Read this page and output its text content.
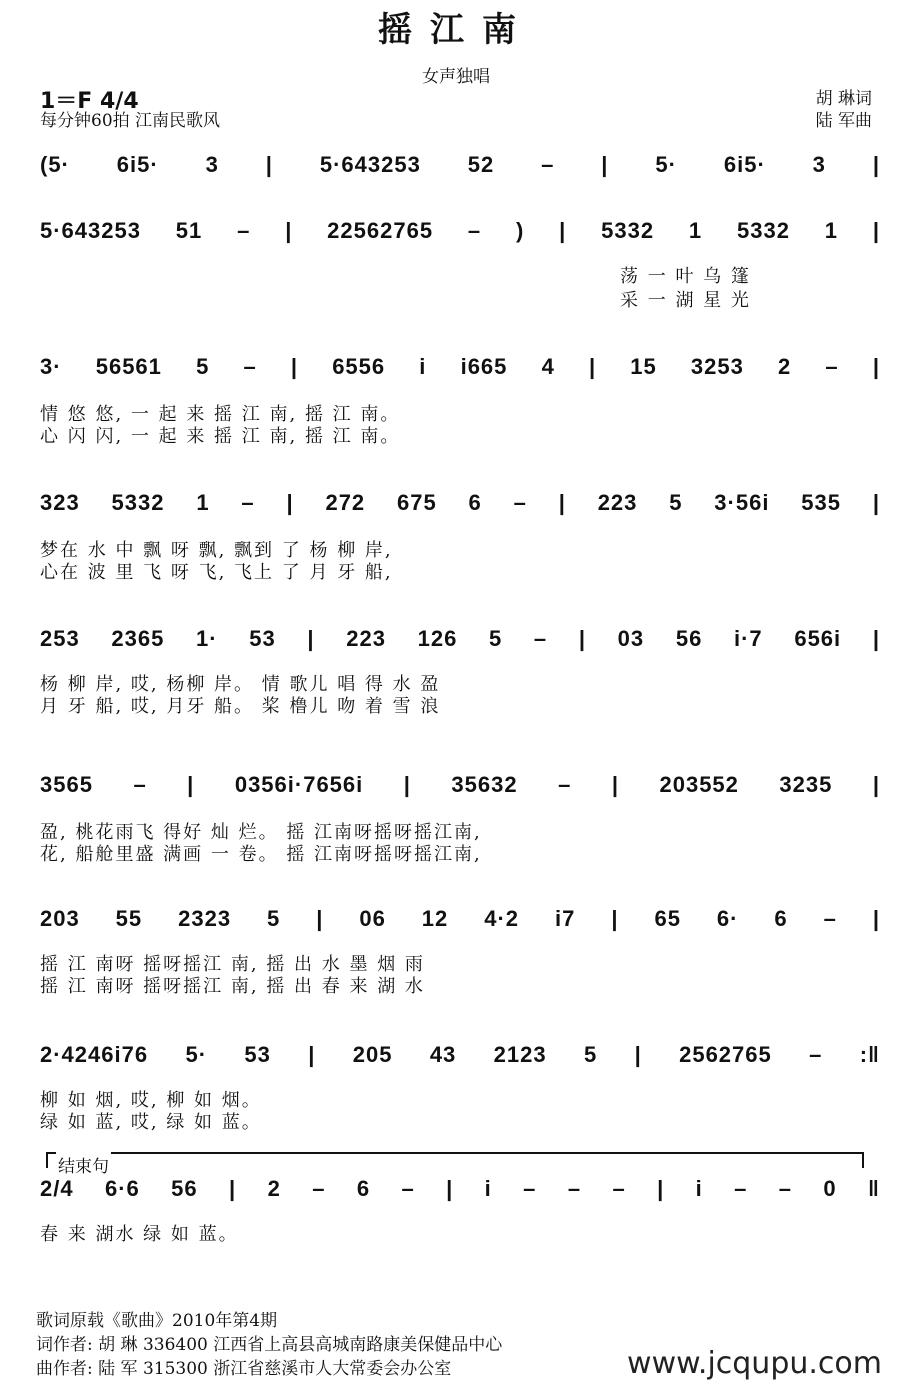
摇江南
女声独唱
1＝F 4/4
每分钟60拍 江南民歌风
胡 琳词
陆 军曲
(5· 6i5· 3 | 5·643253 52 – | 5· 6i5· 3 |
5·643253 51 – | 22562765 – ) | 5332 1 5332 1 |
荡 一 叶 乌 篷
采 一 湖 星 光
3· 56561 5 – | 6556 i i665 4 | 15 3253 2 – |
情 悠 悠, 一 起 来 摇 江 南, 摇 江 南。
心 闪 闪, 一 起 来 摇 江 南, 摇 江 南。
323 5332 1 – | 272 675 6 – | 223 5 3·56i 535 |
梦在 水 中 飘 呀 飘, 飘到 了 杨 柳 岸,
心在 波 里 飞 呀 飞, 飞上 了 月 牙 船,
253 2365 1· 53 | 223 126 5 – | 03 56 i·7 656i |
杨 柳 岸, 哎, 杨柳 岸。 情 歌儿 唱 得 水 盈
月 牙 船, 哎, 月牙 船。 桨 橹儿 吻 着 雪 浪
3565 – | 0356i·7656i | 35632 – | 203552 3235 |
盈, 桃花雨飞 得好 灿 烂。 摇 江南呀摇呀摇江南,
花, 船舱里盛 满画 一 卷。 摇 江南呀摇呀摇江南,
203 55 2323 5 | 06 12 4·2 i7 | 65 6· 6 – |
摇 江 南呀 摇呀摇江 南, 摇 出 水 墨 烟 雨
摇 江 南呀 摇呀摇江 南, 摇 出 春 来 湖 水
2·4246i76 5· 53 | 205 43 2123 5 | 2562765 – :‖
柳 如 烟, 哎, 柳 如 烟。
绿 如 蓝, 哎, 绿 如 蓝。
结束句
2/4 6·6 56 | 2 – 6 – | i – – – | i – – 0 ‖
春 来 湖水 绿 如 蓝。
歌词原载《歌曲》2010年第4期
词作者: 胡 琳 336400 江西省上高县高城南路康美保健品中心
曲作者: 陆 军 315300 浙江省慈溪市人大常委会办公室	www.jcqupu.com
